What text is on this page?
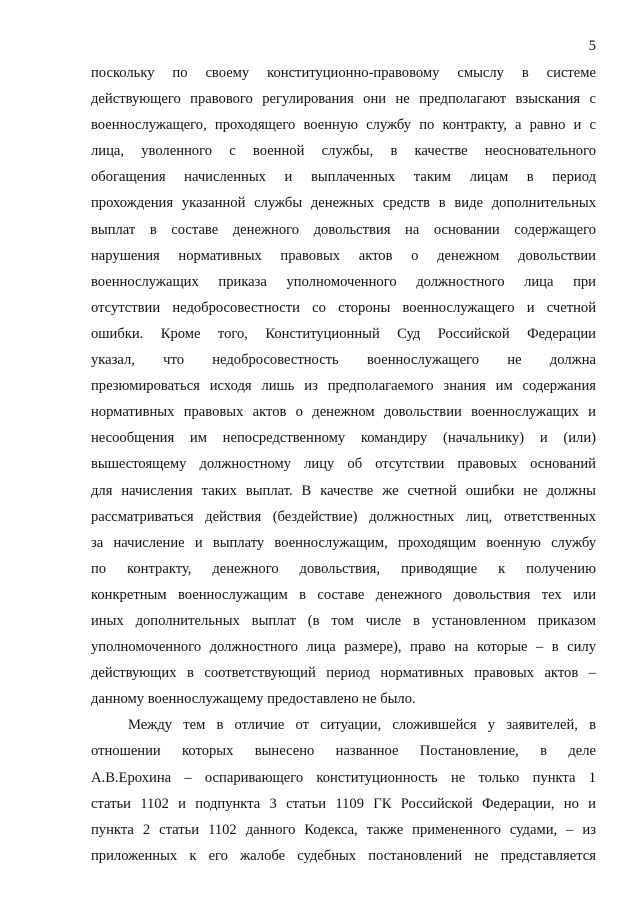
5
поскольку по своему конституционно-правовому смыслу в системе
действующего правового регулирования они не предполагают взыскания с
военнослужащего, проходящего военную службу по контракту, а равно и с
лица, уволенного с военной службы, в качестве неосновательного
обогащения начисленных и выплаченных таким лицам в период
прохождения указанной службы денежных средств в виде дополнительных
выплат в составе денежного довольствия на основании содержащего
нарушения нормативных правовых актов о денежном довольствии
военнослужащих приказа уполномоченного должностного лица при
отсутствии недобросовестности со стороны военнослужащего и счетной
ошибки. Кроме того, Конституционный Суд Российской Федерации
указал, что недобросовестность военнослужащего не должна
презюмироваться исходя лишь из предполагаемого знания им содержания
нормативных правовых актов о денежном довольствии военнослужащих и
несообщения им непосредственному командиру (начальнику) и (или)
вышестоящему должностному лицу об отсутствии правовых оснований
для начисления таких выплат. В качестве же счетной ошибки не должны
рассматриваться действия (бездействие) должностных лиц, ответственных
за начисление и выплату военнослужащим, проходящим военную службу
по контракту, денежного довольствия, приводящие к получению
конкретным военнослужащим в составе денежного довольствия тех или
иных дополнительных выплат (в том числе в установленном приказом
уполномоченного должностного лица размере), право на которые – в силу
действующих в соответствующий период нормативных правовых актов –
данному военнослужащему предоставлено не было.
Между тем в отличие от ситуации, сложившейся у заявителей, в
отношении которых вынесено названное Постановление, в деле
А.В.Ерохина – оспаривающего конституционность не только пункта 1
статьи 1102 и подпункта 3 статьи 1109 ГК Российской Федерации, но и
пункта 2 статьи 1102 данного Кодекса, также примененного судами, – из
приложенных к его жалобе судебных постановлений не представляется
